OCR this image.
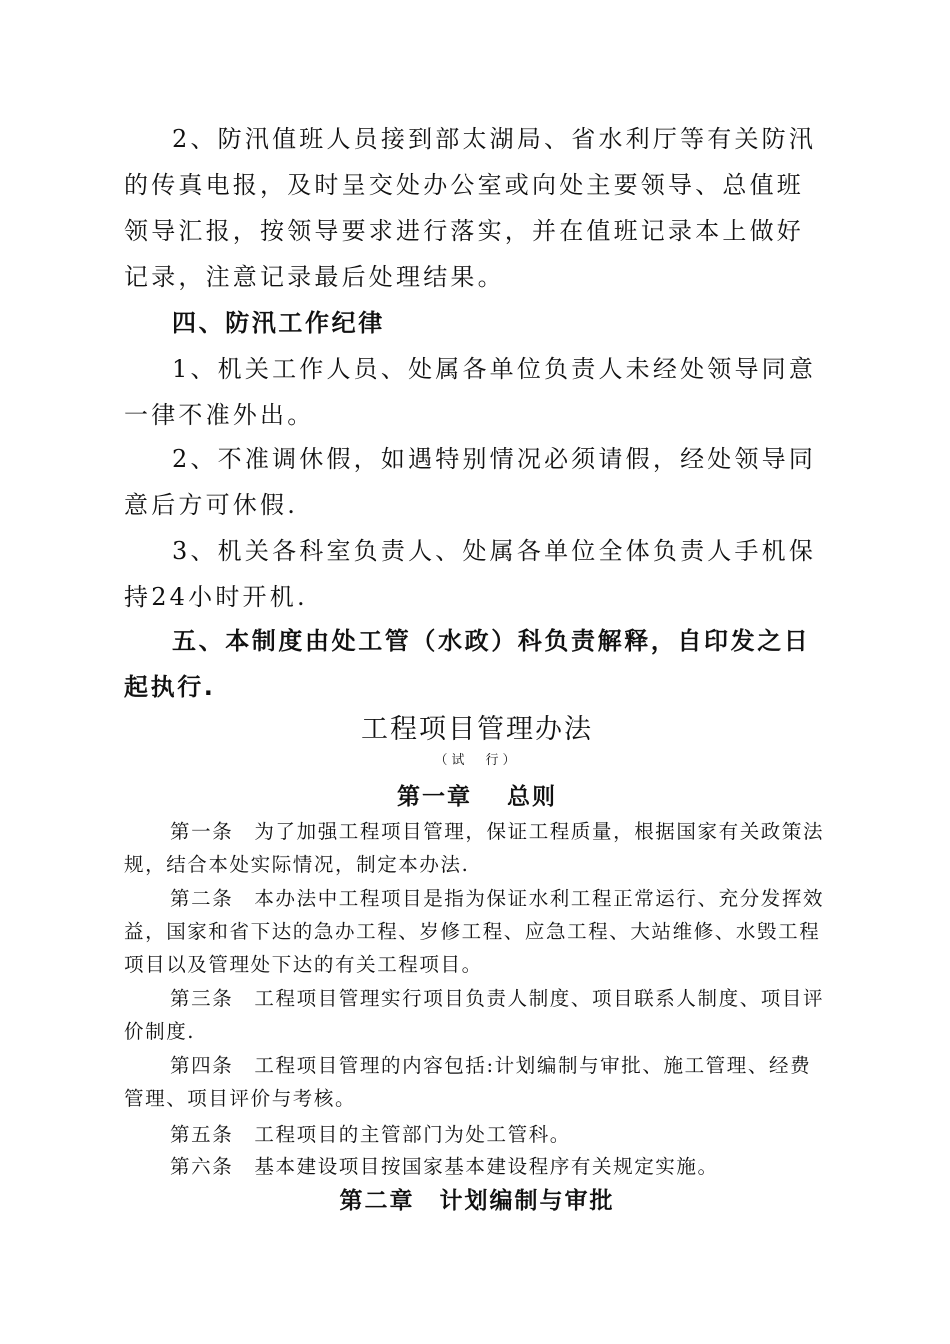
2、防汛值班人员接到部太湖局、省水利厅等有关防汛的传真电报，及时呈交处办公室或向处主要领导、总值班领导汇报，按领导要求进行落实，并在值班记录本上做好记录，注意记录最后处理结果。

四、防汛工作纪律

1、机关工作人员、处属各单位负责人未经处领导同意一律不准外出。

2、不准调休假，如遇特别情况必须请假，经处领导同意后方可休假.

3、机关各科室负责人、处属各单位全体负责人手机保持24小时开机.

五、本制度由处工管（水政）科负责解释，自印发之日起执行.

工程项目管理办法
（试　行）
第一章　 总则

第一条　为了加强工程项目管理，保证工程质量，根据国家有关政策法规，结合本处实际情况，制定本办法.

第二条　本办法中工程项目是指为保证水利工程正常运行、充分发挥效益，国家和省下达的急办工程、岁修工程、应急工程、大站维修、水毁工程项目以及管理处下达的有关工程项目。

第三条　工程项目管理实行项目负责人制度、项目联系人制度、项目评价制度.

第四条　工程项目管理的内容包括:计划编制与审批、施工管理、经费管理、项目评价与考核。

第五条　工程项目的主管部门为处工管科。

第六条　基本建设项目按国家基本建设程序有关规定实施。

第二章　计划编制与审批
